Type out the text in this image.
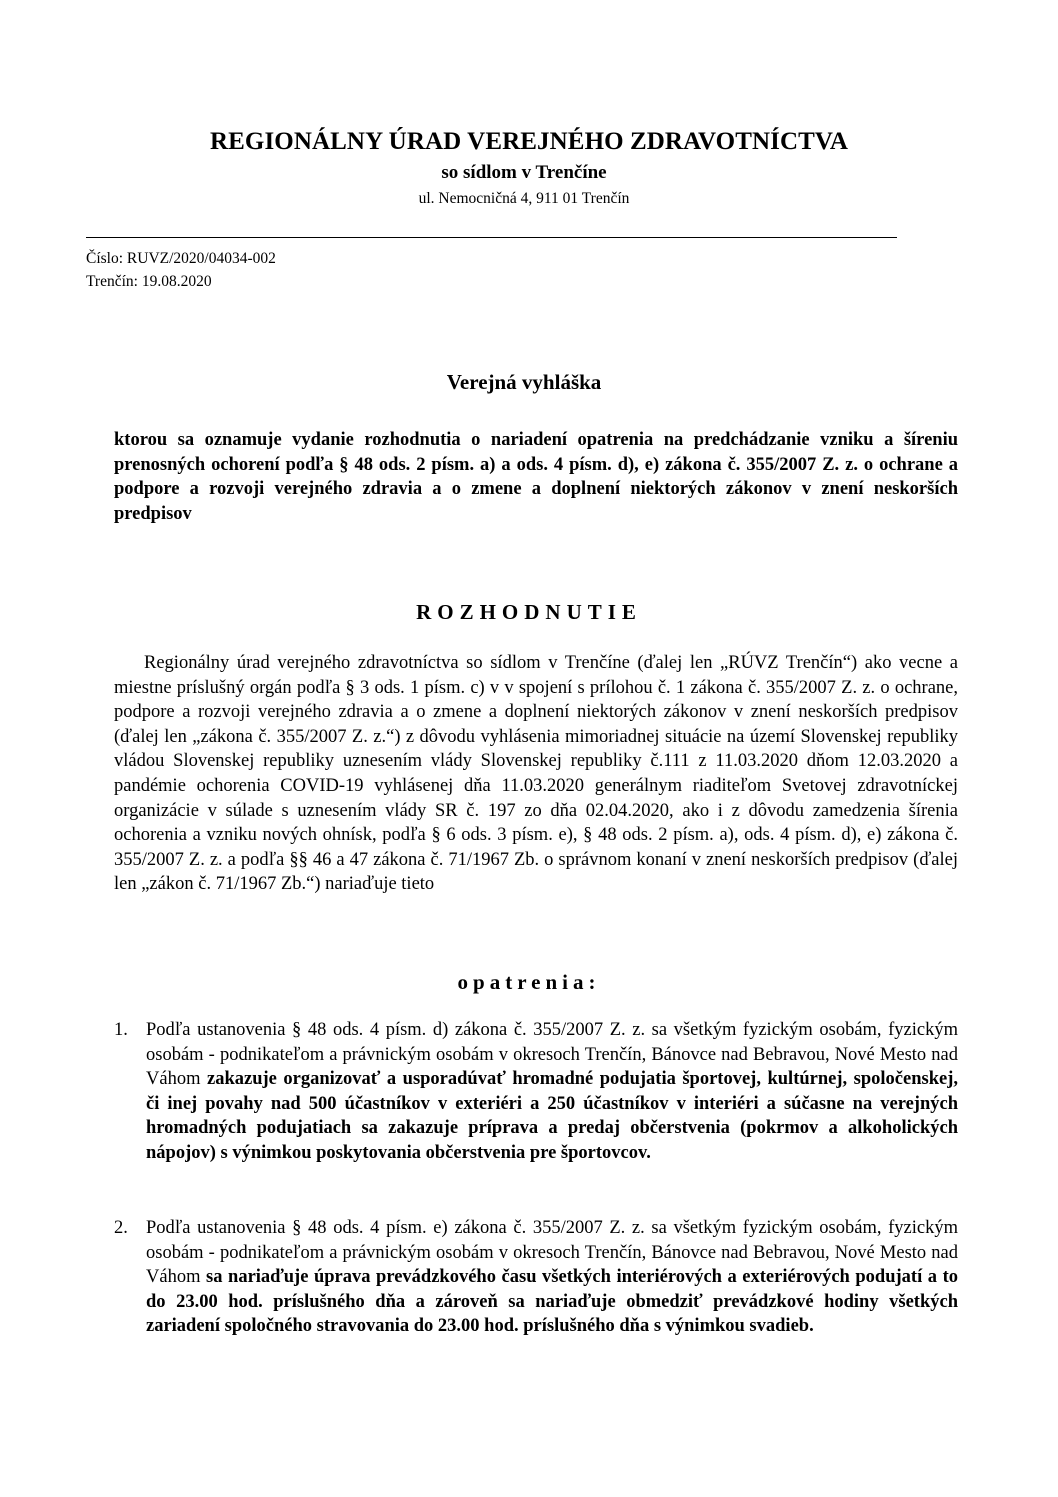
REGIONÁLNY ÚRAD VEREJNÉHO ZDRAVOTNÍCTVA
so sídlom v Trenčíne
ul. Nemocničná 4, 911 01 Trenčín
Číslo: RUVZ/2020/04034-002
Trenčín: 19.08.2020
Verejná vyhláška

ktorou sa oznamuje vydanie rozhodnutia o nariadení opatrenia na predchádzanie vzniku a šíreniu prenosných ochorení podľa § 48 ods. 2 písm. a) a ods. 4 písm. d), e) zákona č. 355/2007 Z. z. o ochrane a podpore a rozvoji verejného zdravia a o zmene a doplnení niektorých zákonov v znení neskorších predpisov

ROZHODNUTIE

Regionálny úrad verejného zdravotníctva so sídlom v Trenčíne (ďalej len „RÚVZ Trenčín“) ako vecne a miestne príslušný orgán podľa § 3 ods. 1 písm. c) v v spojení s prílohou č. 1 zákona č. 355/2007 Z. z. o ochrane, podpore a rozvoji verejného zdravia a o zmene a doplnení niektorých zákonov v znení neskorších predpisov (ďalej len „zákona č. 355/2007 Z. z.“) z dôvodu vyhlásenia mimoriadnej situácie na území Slovenskej republiky vládou Slovenskej republiky uznesením vlády Slovenskej republiky č.111 z 11.03.2020 dňom 12.03.2020 a pandémie ochorenia COVID-19 vyhlásenej dňa 11.03.2020 generálnym riaditeľom Svetovej zdravotníckej organizácie v súlade s uznesením vlády SR č. 197 zo dňa 02.04.2020, ako i z dôvodu zamedzenia šírenia ochorenia a vzniku nových ohnísk, podľa § 6 ods. 3 písm. e), § 48 ods. 2 písm. a), ods. 4 písm. d), e) zákona č. 355/2007 Z. z. a podľa §§ 46 a 47 zákona č. 71/1967 Zb. o správnom konaní v znení neskorších predpisov (ďalej len „zákon č. 71/1967 Zb.“) nariaďuje tieto

opatrenia:
1. Podľa ustanovenia § 48 ods. 4 písm. d) zákona č. 355/2007 Z. z. sa všetkým fyzickým osobám, fyzickým osobám - podnikateľom a právnickým osobám v okresoch Trenčín, Bánovce nad Bebravou, Nové Mesto nad Váhom zakazuje organizovať a usporadúvať hromadné podujatia športovej, kultúrnej, spoločenskej, či inej povahy nad 500 účastníkov v exteriéri a 250 účastníkov v interiéri a súčasne na verejných hromadných podujatiach sa zakazuje príprava a predaj občerstvenia (pokrmov a alkoholických nápojov) s výnimkou poskytovania občerstvenia pre športovcov.
2. Podľa ustanovenia § 48 ods. 4 písm. e) zákona č. 355/2007 Z. z. sa všetkým fyzickým osobám, fyzickým osobám - podnikateľom a právnickým osobám v okresoch Trenčín, Bánovce nad Bebravou, Nové Mesto nad Váhom sa nariaďuje úprava prevádzkového času všetkých interiérových a exteriérových podujatí a to do 23.00 hod. príslušného dňa a zároveň sa nariaďuje obmedziť prevádzkové hodiny všetkých zariadení spoločného stravovania do 23.00 hod. príslušného dňa s výnimkou svadieb.
